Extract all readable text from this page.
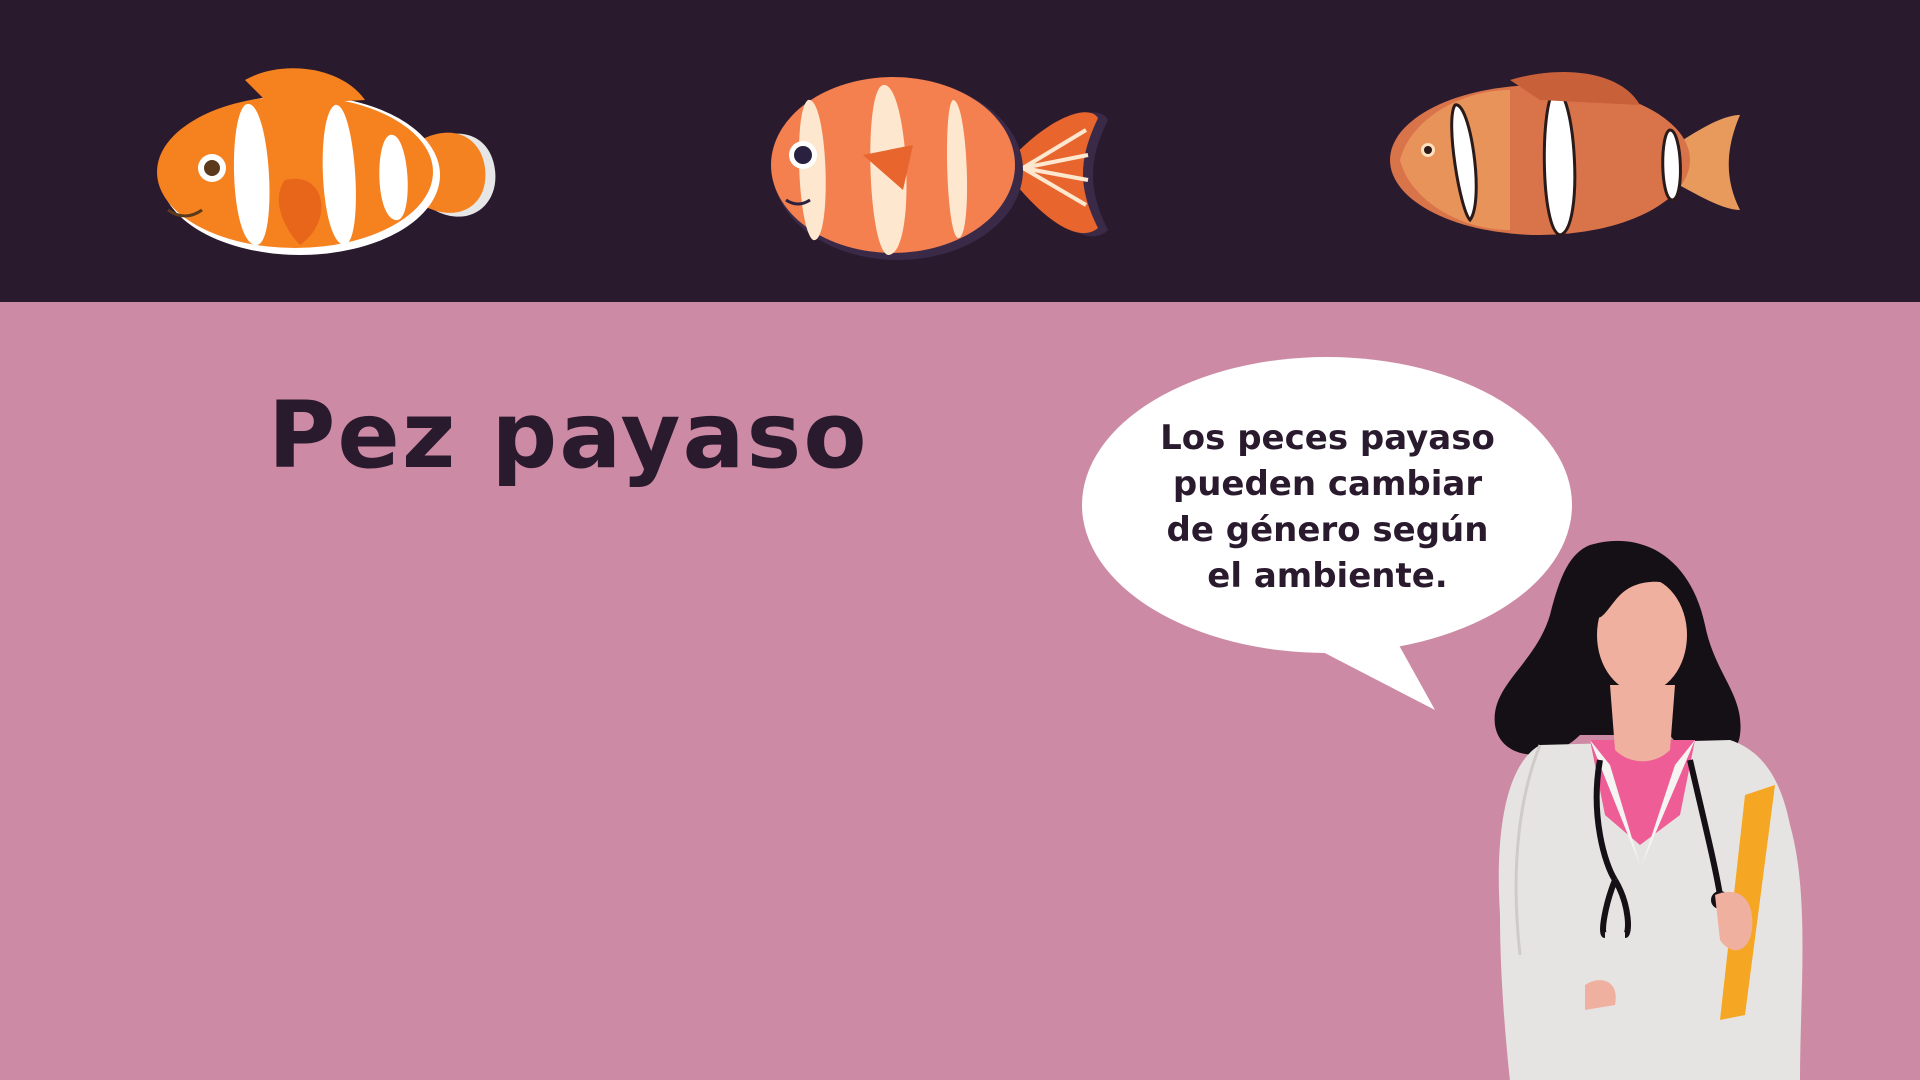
Pez payaso	Los peces payaso pueden cambiar de género según el ambiente.
